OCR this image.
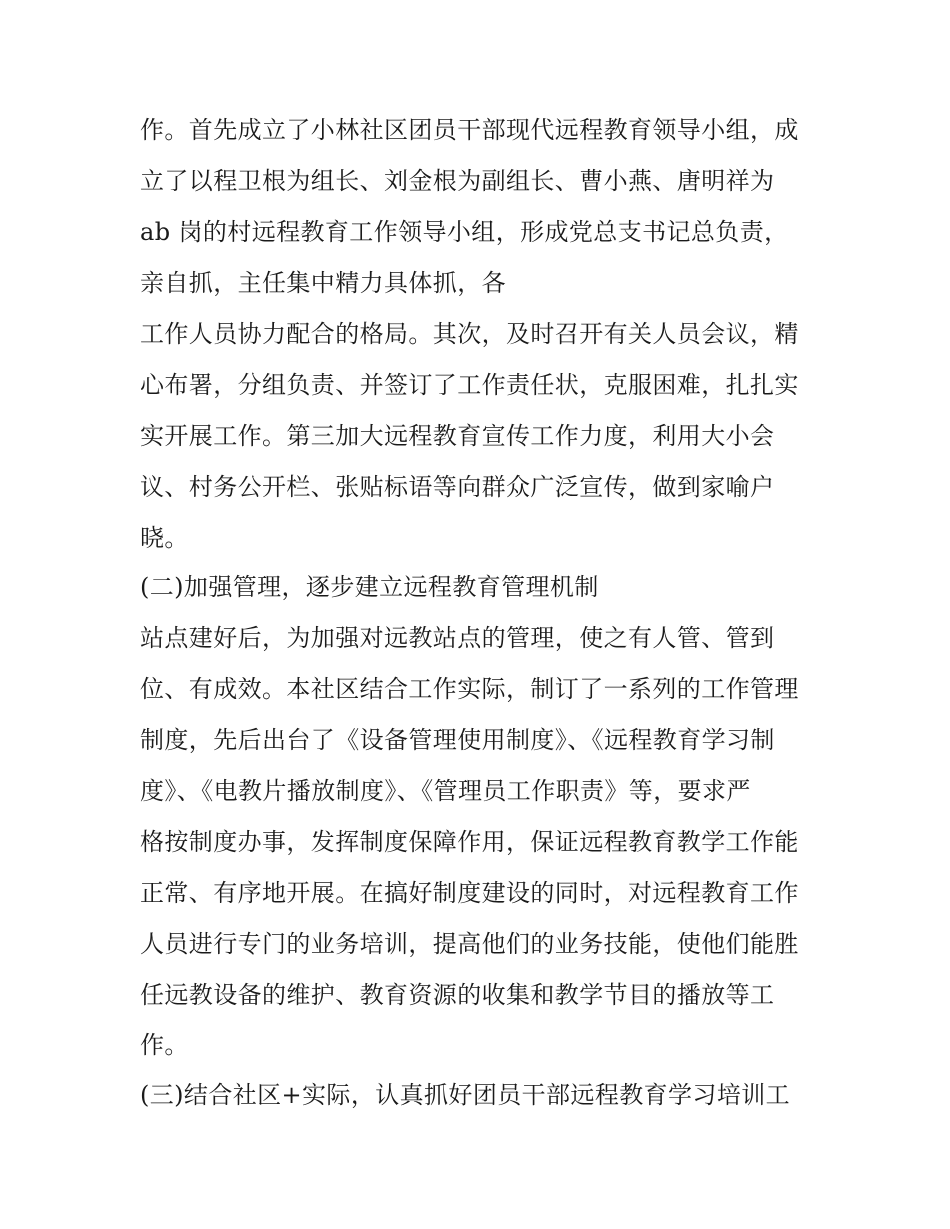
作。首先成立了小林社区团员干部现代远程教育领导小组，成
立了以程卫根为组长、刘金根为副组长、曹小燕、唐明祥为
ab 岗的村远程教育工作领导小组，形成党总支书记总负责，
亲自抓，主任集中精力具体抓，各
工作人员协力配合的格局。其次，及时召开有关人员会议，精
心布署，分组负责、并签订了工作责任状，克服困难，扎扎实
实开展工作。第三加大远程教育宣传工作力度，利用大小会
议、村务公开栏、张贴标语等向群众广泛宣传，做到家喻户
晓。
(二)加强管理，逐步建立远程教育管理机制
站点建好后，为加强对远教站点的管理，使之有人管、管到
位、有成效。本社区结合工作实际，制订了一系列的工作管理
制度，先后出台了《设备管理使用制度》、《远程教育学习制
度》、《电教片播放制度》、《管理员工作职责》等，要求严
格按制度办事，发挥制度保障作用，保证远程教育教学工作能
正常、有序地开展。在搞好制度建设的同时，对远程教育工作
人员进行专门的业务培训，提高他们的业务技能，使他们能胜
任远教设备的维护、教育资源的收集和教学节目的播放等工
作。
(三)结合社区+实际，认真抓好团员干部远程教育学习培训工
